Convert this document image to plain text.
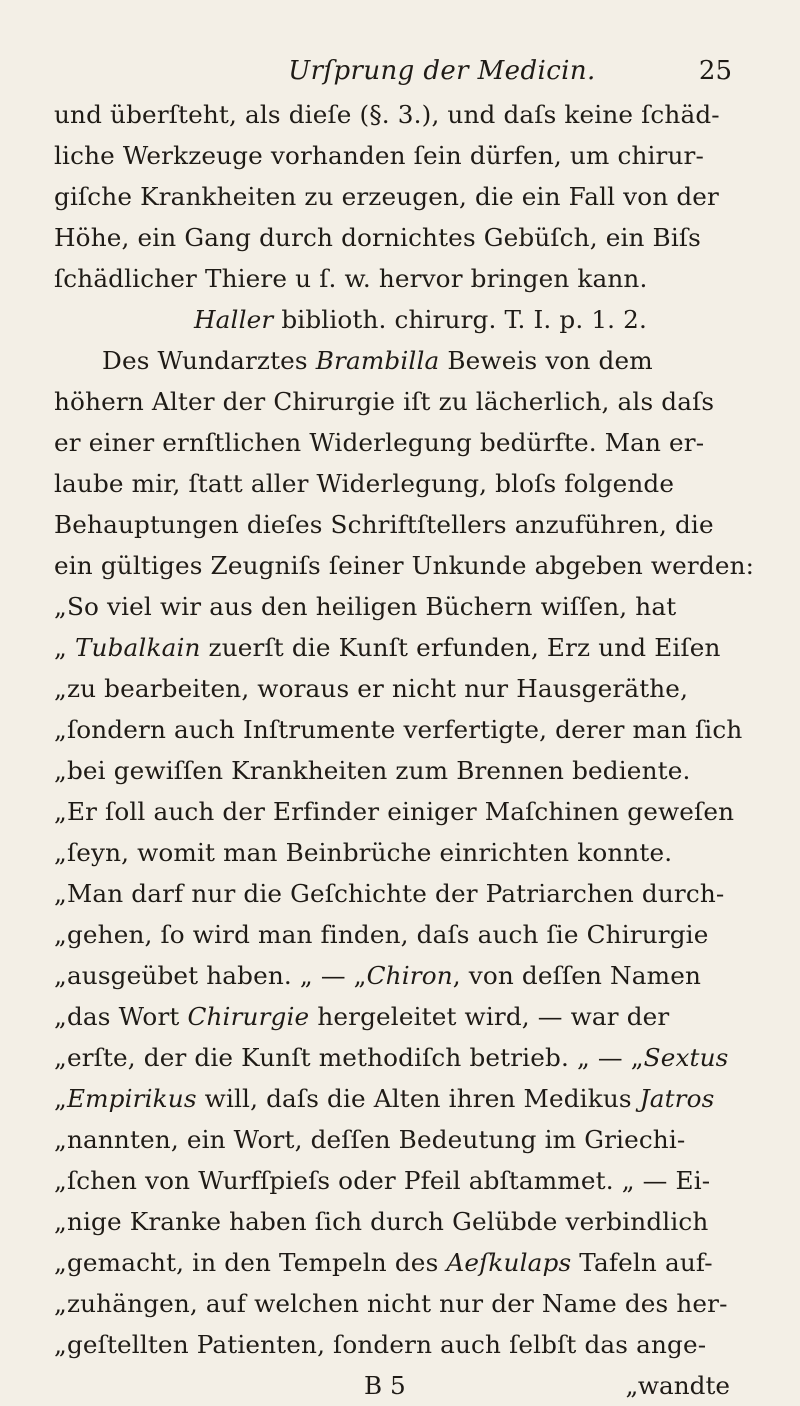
Urſprung der Medicin.	25
und überſteht, als dieſe (§. 3.), und daſs keine ſchäd-
liche Werkzeuge vorhanden ſein dürfen, um chirur-
giſche Krankheiten zu erzeugen, die ein Fall von der
Höhe, ein Gang durch dornichtes Gebüſch, ein Biſs
ſchädlicher Thiere u ſ. w. hervor bringen kann.
Haller biblioth. chirurg. T. I. p. 1. 2.
Des Wundarztes Brambilla Beweis von dem
höhern Alter der Chirurgie iſt zu lächerlich, als daſs
er einer ernſtlichen Widerlegung bedürfte. Man er-
laube mir, ſtatt aller Widerlegung, bloſs folgende
Behauptungen dieſes Schriftſtellers anzuführen, die
ein gültiges Zeugniſs ſeiner Unkunde abgeben werden:
„So viel wir aus den heiligen Büchern wiſſen, hat
„ Tubalkain zuerſt die Kunſt erfunden, Erz und Eiſen
„zu bearbeiten, woraus er nicht nur Hausgeräthe,
„ſondern auch Inſtrumente verfertigte, derer man ſich
„bei gewiſſen Krankheiten zum Brennen bediente.
„Er ſoll auch der Erfinder einiger Maſchinen geweſen
„ſeyn, womit man Beinbrüche einrichten konnte.
„Man darf nur die Geſchichte der Patriarchen durch-
„gehen, ſo wird man finden, daſs auch ſie Chirurgie
„ausgeübet haben. „ — „Chiron, von deſſen Namen
„das Wort Chirurgie hergeleitet wird, — war der
„erſte, der die Kunſt methodiſch betrieb. „ — „Sextus
„Empirikus will, daſs die Alten ihren Medikus Jatros
„nannten, ein Wort, deſſen Bedeutung im Griechi-
„ſchen von Wurfſpieſs oder Pfeil abſtammet. „ — Ei-
„nige Kranke haben ſich durch Gelübde verbindlich
„gemacht, in den Tempeln des Aeſkulaps Tafeln auf-
„zuhängen, auf welchen nicht nur der Name des her-
„geſtellten Patienten, ſondern auch ſelbſt das ange-
B 5	„wandte
